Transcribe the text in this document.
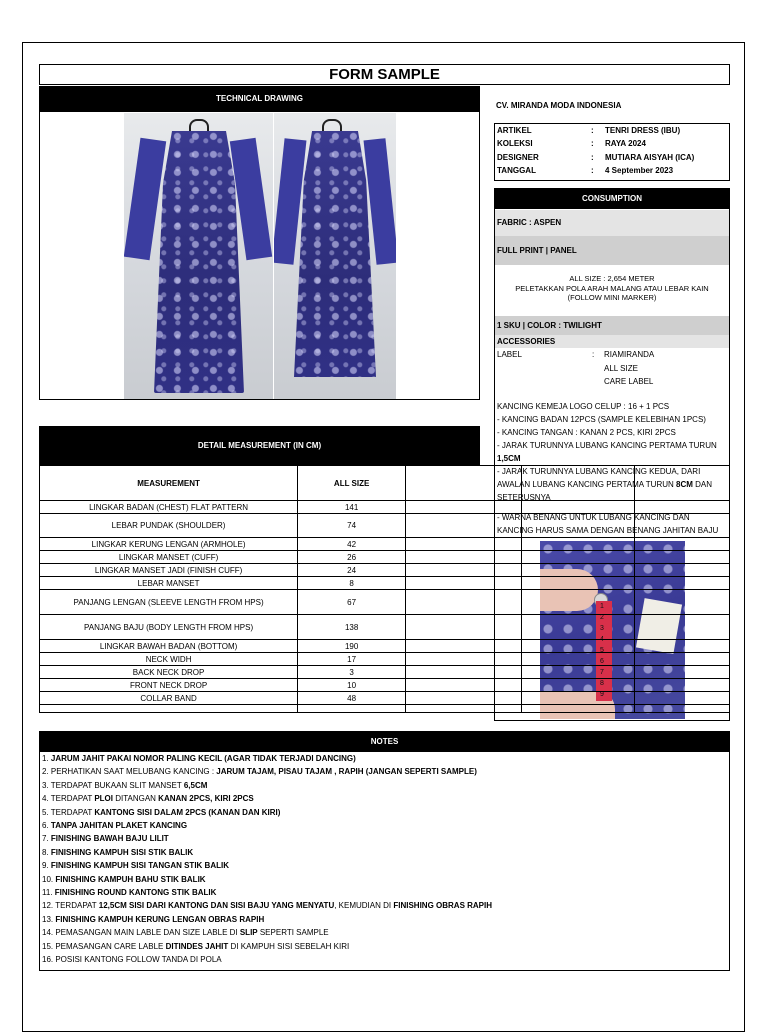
FORM SAMPLE
TECHNICAL DRAWING
CV. MIRANDA MODA INDONESIA
ARTIKEL	: TENRI DRESS (IBU)
KOLEKSI	: RAYA 2024
DESIGNER	: MUTIARA AISYAH (ICA)
TANGGAL	: 4 September 2023
CONSUMPTION
FABRIC : ASPEN
FULL PRINT | PANEL
ALL SIZE : 2,654 METER
PELETAKKAN POLA ARAH MALANG ATAU LEBAR KAIN
(FOLLOW MINI MARKER)
1 SKU | COLOR : TWILIGHT
ACCESSORIES
LABEL	: RIAMIRANDA
ALL SIZE
CARE LABEL
KANCING KEMEJA LOGO CELUP : 16 + 1 PCS
- KANCING BADAN 12PCS (SAMPLE KELEBIHAN 1PCS)
- KANCING TANGAN : KANAN 2 PCS, KIRI 2PCS
- JARAK TURUNNYA LUBANG KANCING PERTAMA TURUN
1,5CM
- JARAK TURUNNYA LUBANG KANCING KEDUA, DARI
AWALAN LUBANG KANCING PERTAMA TURUN 8CM DAN
SETERUSNYA
- WARNA BENANG UNTUK LUBANG KANCING DAN
KANCING HARUS SAMA DENGAN BENANG JAHITAN BAJU
1
2
3
4
5
6
7
8
9
DETAIL MEASUREMENT (IN CM)
MEASUREMENT	ALL SIZE			
LINGKAR BADAN (CHEST) FLAT PATTERN	141			
LEBAR PUNDAK (SHOULDER)	74			
LINGKAR KERUNG LENGAN (ARMHOLE)	42			
LINGKAR MANSET (CUFF)	26			
LINGKAR MANSET JADI (FINISH CUFF)	24			
LEBAR MANSET	8			
PANJANG LENGAN (SLEEVE LENGTH FROM HPS)	67			
PANJANG BAJU (BODY LENGTH FROM HPS)	138			
LINGKAR BAWAH BADAN (BOTTOM)	190			
NECK WIDH	17			
BACK NECK DROP	3			
FRONT NECK DROP	10			
COLLAR BAND	48			

NOTES
1. JARUM JAHIT PAKAI NOMOR PALING KECIL (AGAR TIDAK TERJADI DANCING)
2. PERHATIKAN SAAT MELUBANG KANCING : JARUM TAJAM, PISAU TAJAM , RAPIH (JANGAN SEPERTI SAMPLE)
3. TERDAPAT BUKAAN SLIT MANSET 6,5CM
4. TERDAPAT PLOI DITANGAN KANAN 2PCS, KIRI 2PCS
5. TERDAPAT KANTONG SISI DALAM 2PCS (KANAN DAN KIRI)
6. TANPA JAHITAN PLAKET KANCING
7. FINISHING BAWAH BAJU LILIT
8. FINISHING KAMPUH SISI STIK BALIK
9. FINISHING KAMPUH SISI TANGAN STIK BALIK
10. FINISHING KAMPUH BAHU STIK BALIK
11. FINISHING ROUND KANTONG STIK BALIK
12. TERDAPAT 12,5CM SISI DARI KANTONG DAN SISI BAJU YANG MENYATU, KEMUDIAN DI FINISHING OBRAS RAPIH
13. FINISHING KAMPUH KERUNG LENGAN OBRAS RAPIH
14. PEMASANGAN MAIN LABLE DAN SIZE LABLE DI SLIP SEPERTI SAMPLE
15. PEMASANGAN CARE LABLE DITINDES JAHIT DI KAMPUH SISI SEBELAH KIRI
16. POSISI KANTONG FOLLOW TANDA DI POLA
